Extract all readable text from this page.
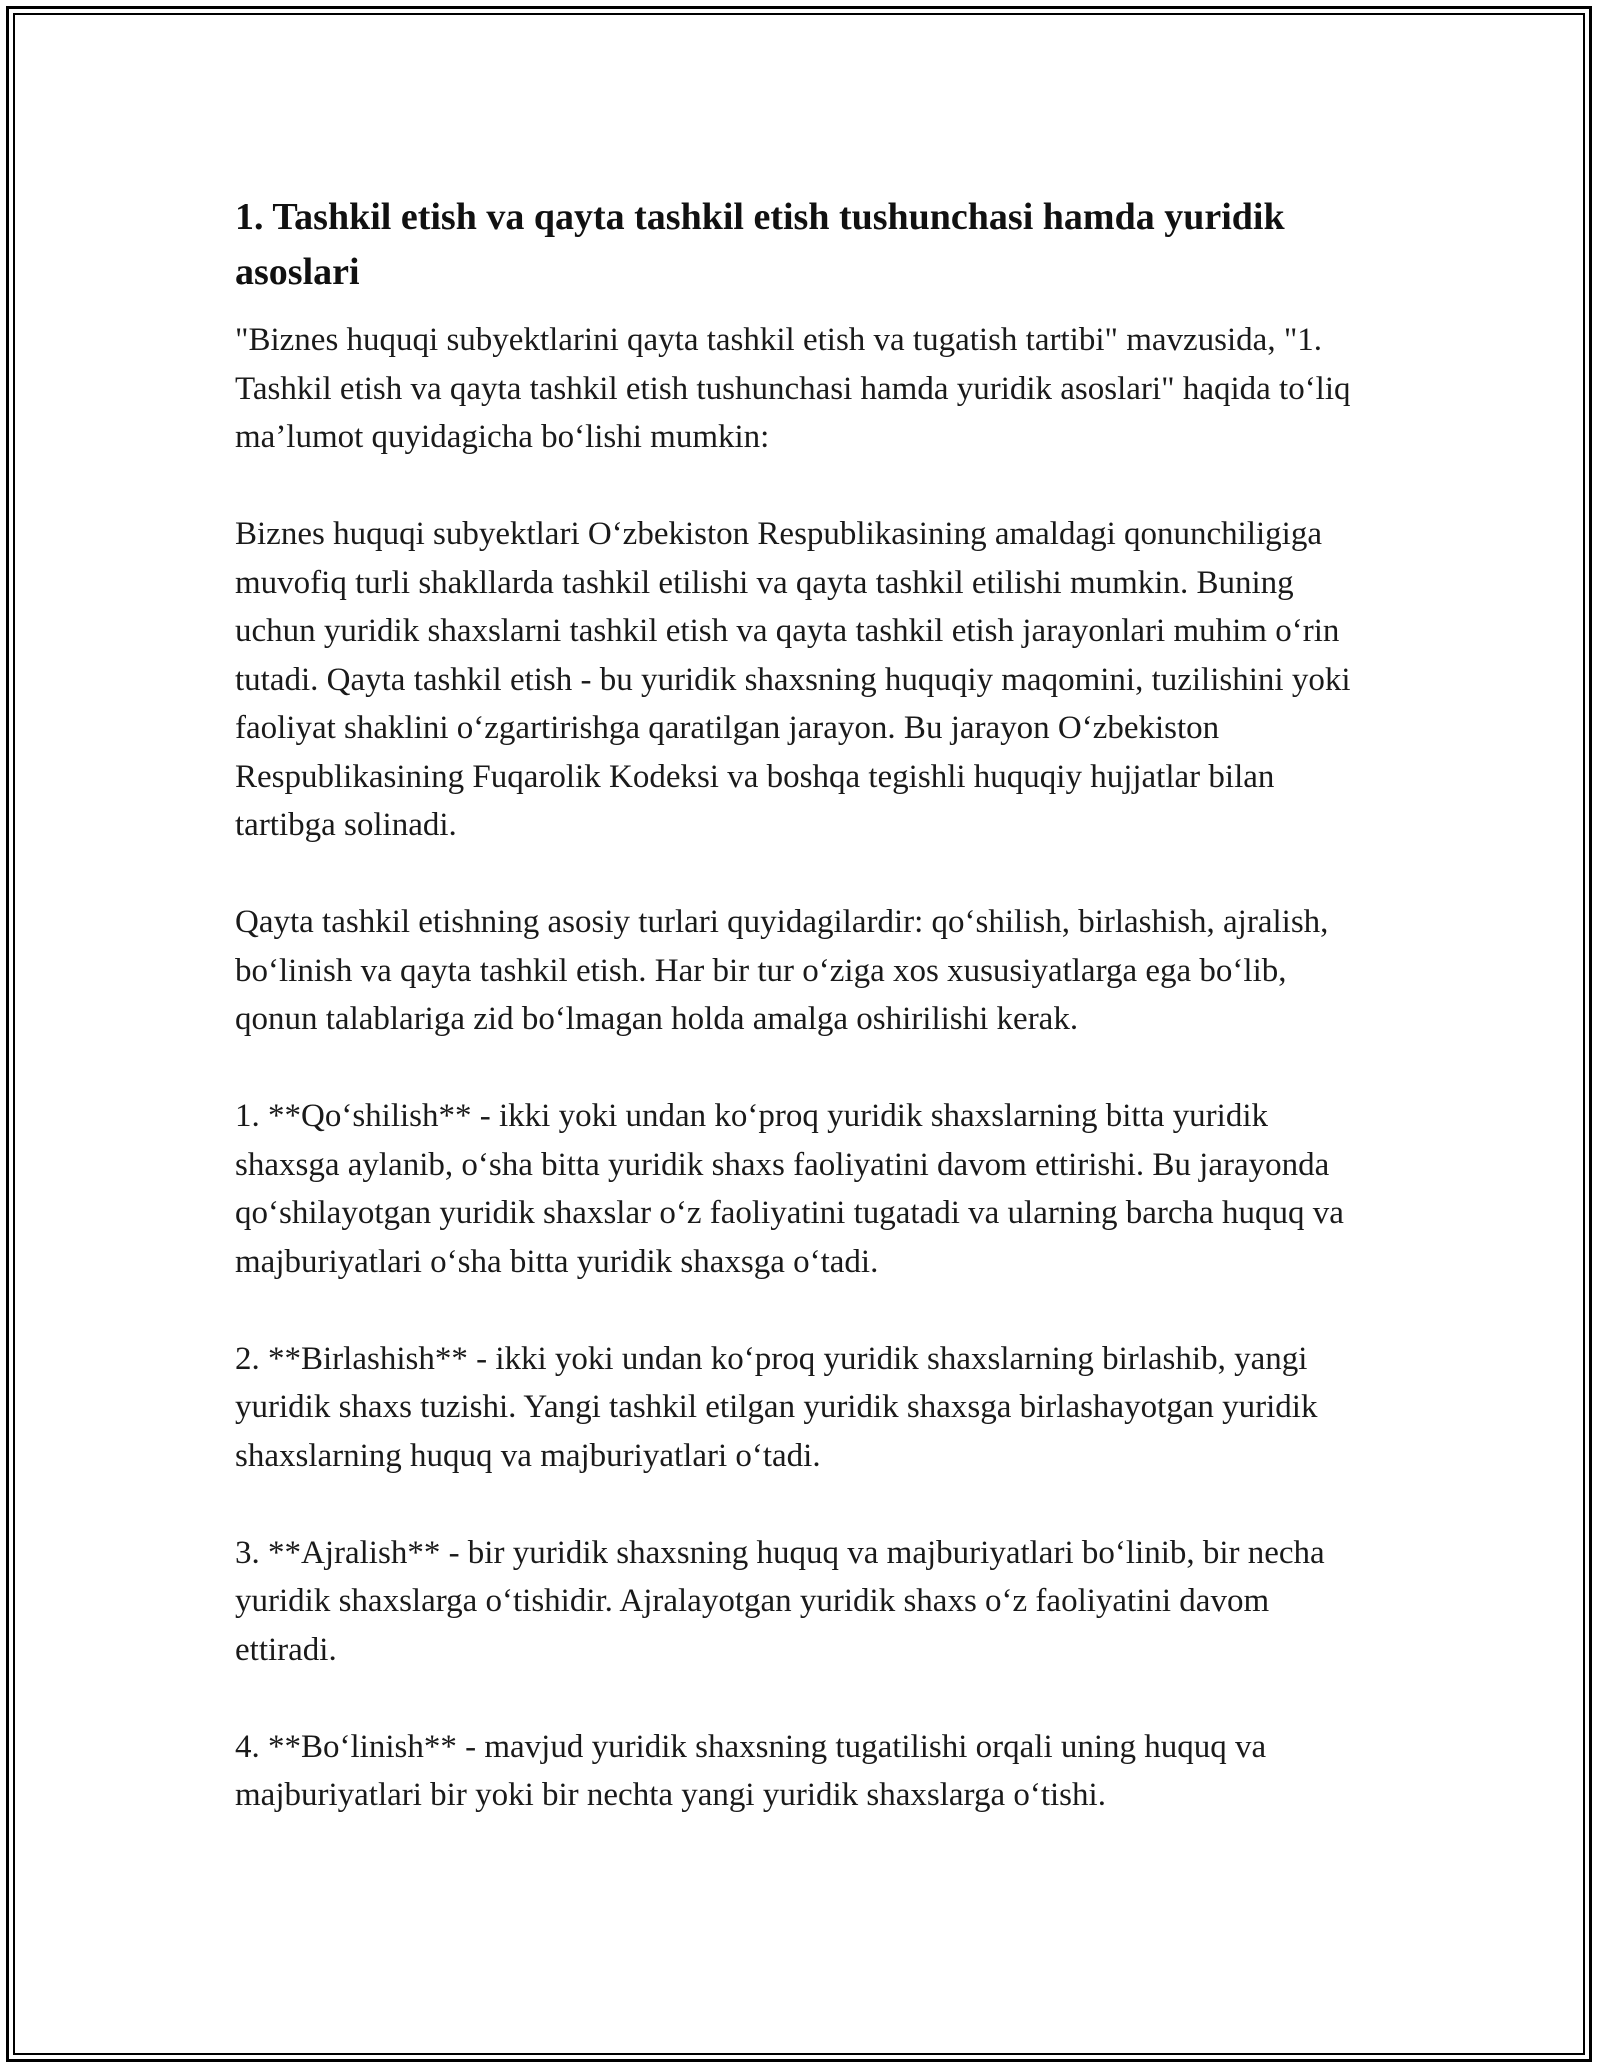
1. Tashkil etish va qayta tashkil etish tushunchasi hamda yuridik asoslari

"Biznes huquqi subyektlarini qayta tashkil etish va tugatish tartibi" mavzusida, "1. Tashkil etish va qayta tashkil etish tushunchasi hamda yuridik asoslari" haqida to‘liq ma’lumot quyidagicha bo‘lishi mumkin:

Biznes huquqi subyektlari O‘zbekiston Respublikasining amaldagi qonunchiligiga muvofiq turli shakllarda tashkil etilishi va qayta tashkil etilishi mumkin. Buning uchun yuridik shaxslarni tashkil etish va qayta tashkil etish jarayonlari muhim o‘rin tutadi. Qayta tashkil etish - bu yuridik shaxsning huquqiy maqomini, tuzilishini yoki faoliyat shaklini o‘zgartirishga qaratilgan jarayon. Bu jarayon O‘zbekiston Respublikasining Fuqarolik Kodeksi va boshqa tegishli huquqiy hujjatlar bilan tartibga solinadi.

Qayta tashkil etishning asosiy turlari quyidagilardir: qo‘shilish, birlashish, ajralish, bo‘linish va qayta tashkil etish. Har bir tur o‘ziga xos xususiyatlarga ega bo‘lib, qonun talablariga zid bo‘lmagan holda amalga oshirilishi kerak.

1. **Qo‘shilish** - ikki yoki undan ko‘proq yuridik shaxslarning bitta yuridik shaxsga aylanib, o‘sha bitta yuridik shaxs faoliyatini davom ettirishi. Bu jarayonda qo‘shilayotgan yuridik shaxslar o‘z faoliyatini tugatadi va ularning barcha huquq va majburiyatlari o‘sha bitta yuridik shaxsga o‘tadi.

2. **Birlashish** - ikki yoki undan ko‘proq yuridik shaxslarning birlashib, yangi yuridik shaxs tuzishi. Yangi tashkil etilgan yuridik shaxsga birlashayotgan yuridik shaxslarning huquq va majburiyatlari o‘tadi.

3. **Ajralish** - bir yuridik shaxsning huquq va majburiyatlari bo‘linib, bir necha yuridik shaxslarga o‘tishidir. Ajralayotgan yuridik shaxs o‘z faoliyatini davom ettiradi.

4. **Bo‘linish** - mavjud yuridik shaxsning tugatilishi orqali uning huquq va majburiyatlari bir yoki bir nechta yangi yuridik shaxslarga o‘tishi.
